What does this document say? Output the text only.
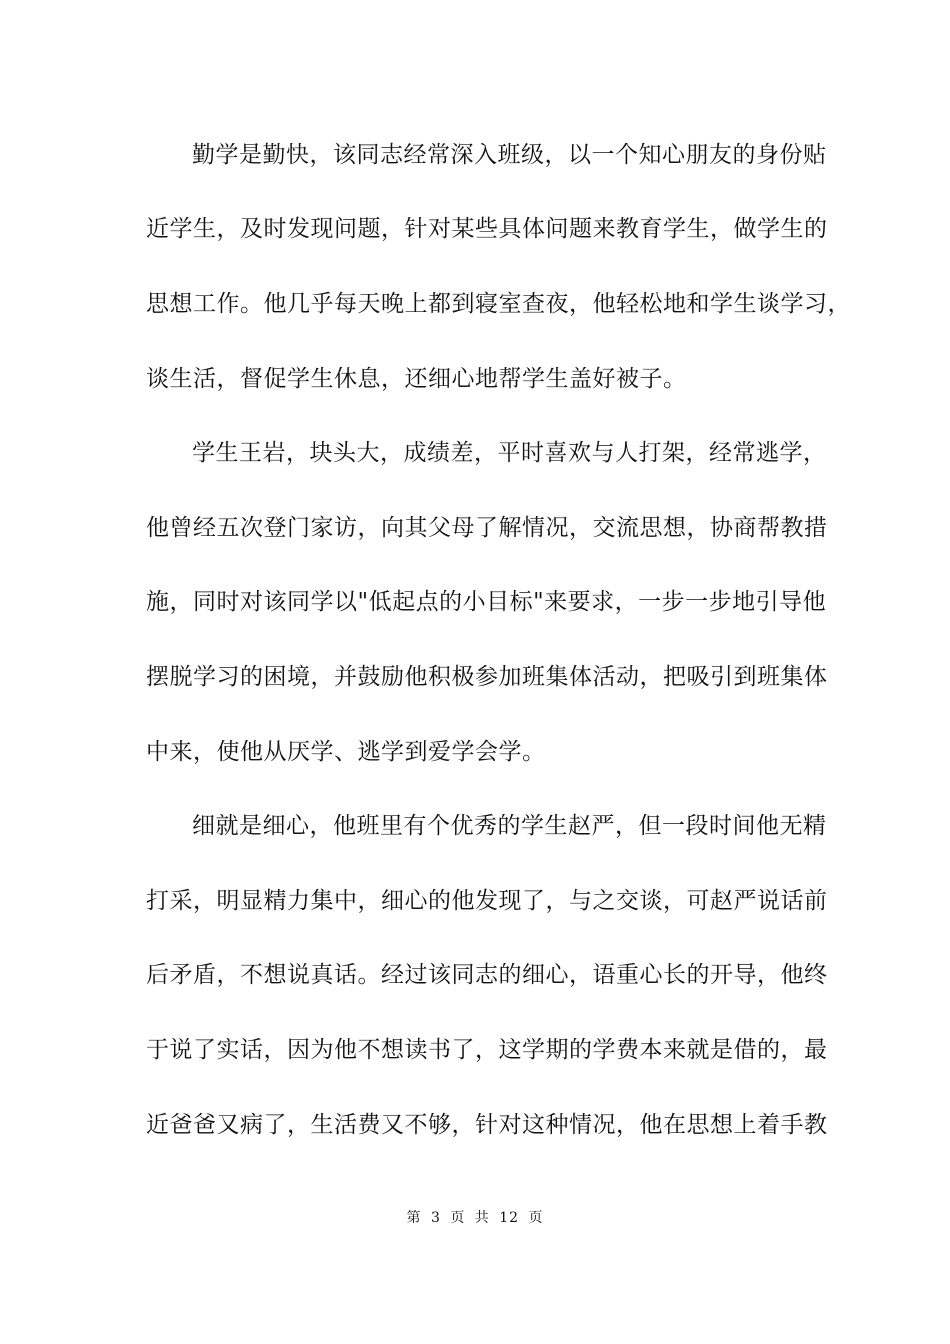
勤学是勤快，该同志经常深入班级，以一个知心朋友的身份贴
近学生，及时发现问题，针对某些具体问题来教育学生，做学生的
思想工作。他几乎每天晚上都到寝室查夜，他轻松地和学生谈学习，
谈生活，督促学生休息，还细心地帮学生盖好被子。
学生王岩，块头大，成绩差，平时喜欢与人打架，经常逃学，
他曾经五次登门家访，向其父母了解情况，交流思想，协商帮教措
施，同时对该同学以"低起点的小目标"来要求，一步一步地引导他
摆脱学习的困境，并鼓励他积极参加班集体活动，把吸引到班集体
中来，使他从厌学、逃学到爱学会学。
细就是细心，他班里有个优秀的学生赵严，但一段时间他无精
打采，明显精力集中，细心的他发现了，与之交谈，可赵严说话前
后矛盾，不想说真话。经过该同志的细心，语重心长的开导，他终
于说了实话，因为他不想读书了，这学期的学费本来就是借的，最
近爸爸又病了，生活费又不够，针对这种情况，他在思想上着手教
第 3 页 共 12 页
